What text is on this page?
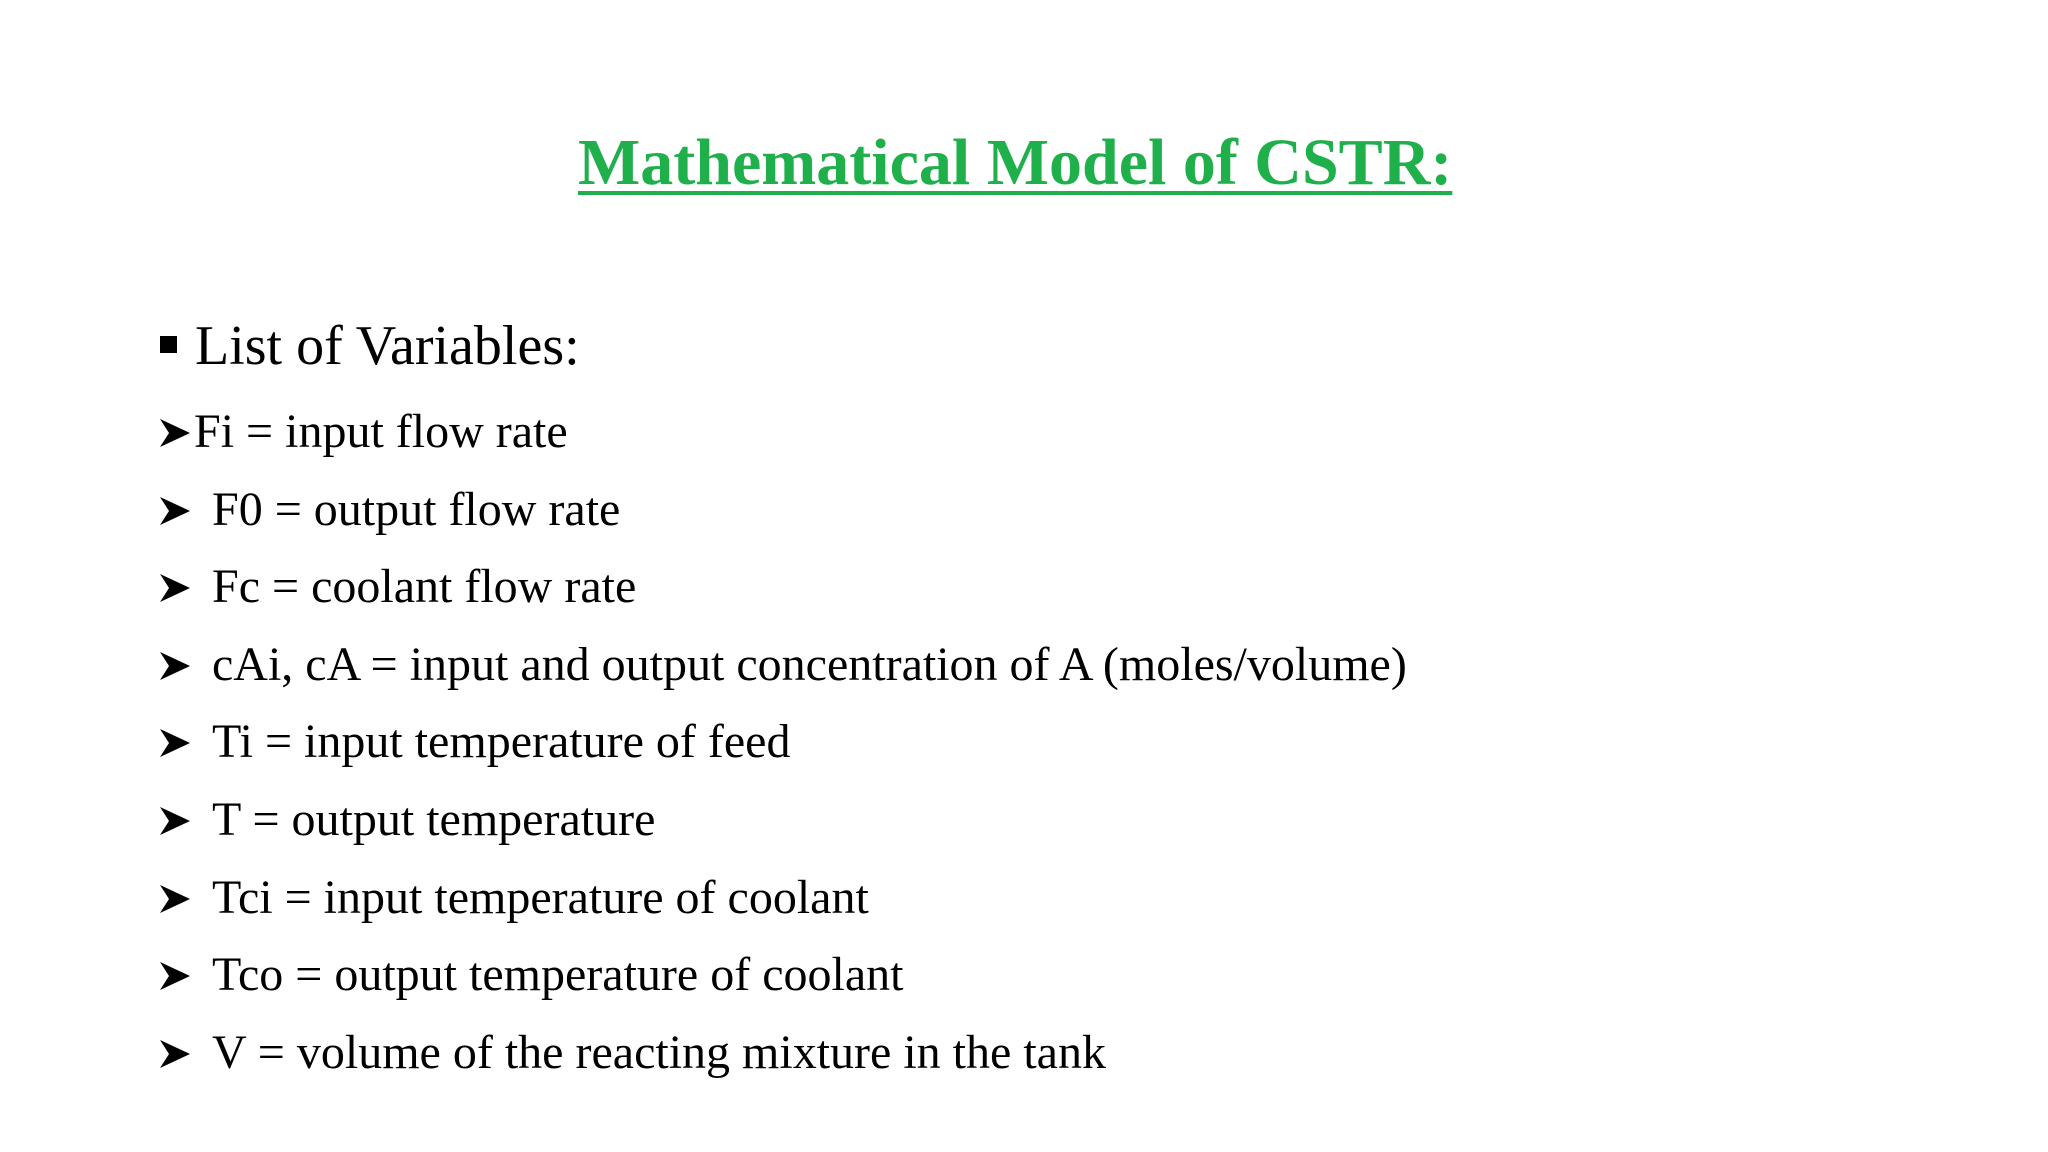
Mathematical Model of CSTR:
List of Variables:
Fi = input flow rate
F0 = output flow rate
Fc = coolant flow rate
cAi, cA = input and output concentration of A (moles/volume)
Ti = input temperature of feed
T = output temperature
Tci = input temperature of coolant
Tco = output temperature of coolant
V = volume of the reacting mixture in the tank
